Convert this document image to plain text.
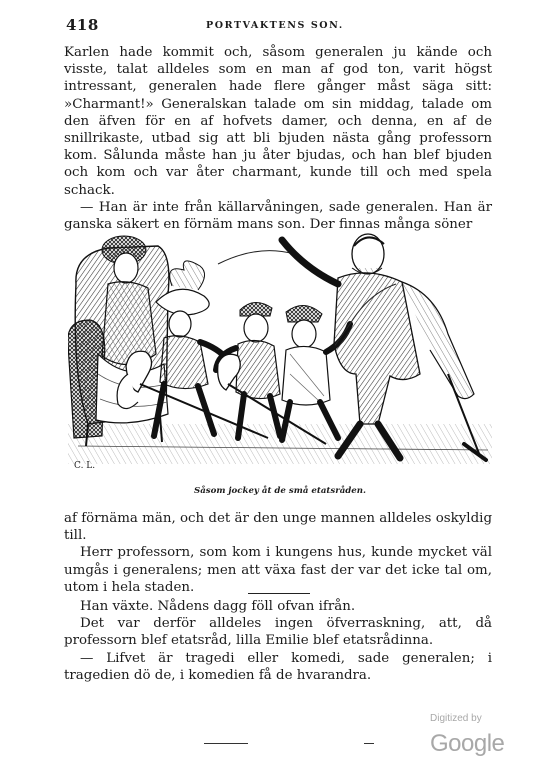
418	PORTVAKTENS SON.

Karlen hade kommit och, såsom generalen ju kände och visste, talat alldeles som en man af god ton, varit högst intressant, generalen hade flere gånger måst säga sitt: »Charmant!» Generalskan talade om sin middag, talade om den äfven för en af hofvets damer, och denna, en af de snillrikaste, utbad sig att bli bjuden nästa gång professorn kom. Sålunda måste han ju åter bjudas, och han blef bjuden och kom och var åter charmant, kunde till och med spela schack.

— Han är inte från källarvåningen, sade generalen. Han är ganska säkert en förnäm mans son. Der finnas många söner

C. L.
Såsom jockey åt de små etatsråden.

af förnäma män, och det är den unge mannen alldeles oskyldig till.

Herr professorn, som kom i kungens hus, kunde mycket väl umgås i generalens; men att växa fast der var det icke tal om, utom i hela staden.

Han växte. Nådens dagg föll ofvan ifrån.

Det var derför alldeles ingen öfverraskning, att, då professorn blef etatsråd, lilla Emilie blef etatsrådinna.

— Lifvet är tragedi eller komedi, sade generalen; i tragedien dö de, i komedien få de hvarandra.

$^{Digitized by}$ Google
